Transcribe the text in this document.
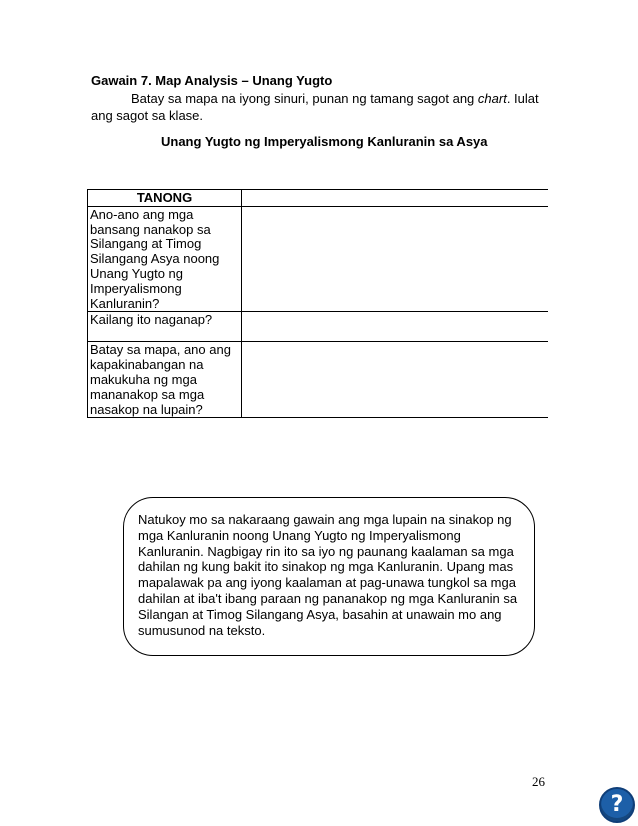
Gawain 7. Map Analysis – Unang Yugto

Batay sa mapa na iyong sinuri, punan ng tamang sagot ang chart. Iulat
ang sagot sa klase.

Unang Yugto ng Imperyalismong Kanluranin sa Asya
TANONG	
Ano-ano ang mga bansang nanakop sa Silangang at Timog Silangang Asya noong Unang Yugto ng Imperyalismong Kanluranin?	
Kailang ito naganap?	
Batay sa mapa, ano ang kapakinabangan na makukuha ng mga mananakop sa mga nasakop na lupain?	

Natukoy mo sa nakaraang gawain ang mga lupain na sinakop ng mga Kanluranin noong Unang Yugto ng Imperyalismong Kanluranin. Nagbigay rin ito sa iyo ng paunang kaalaman sa mga dahilan ng kung bakit ito sinakop ng mga Kanluranin. Upang mas mapalawak pa ang iyong kaalaman at pag-unawa tungkol sa mga dahilan at iba't ibang paraan ng pananakop ng mga Kanluranin sa Silangan at Timog Silangang Asya, basahin at unawain mo ang sumusunod na teksto.

26
?
